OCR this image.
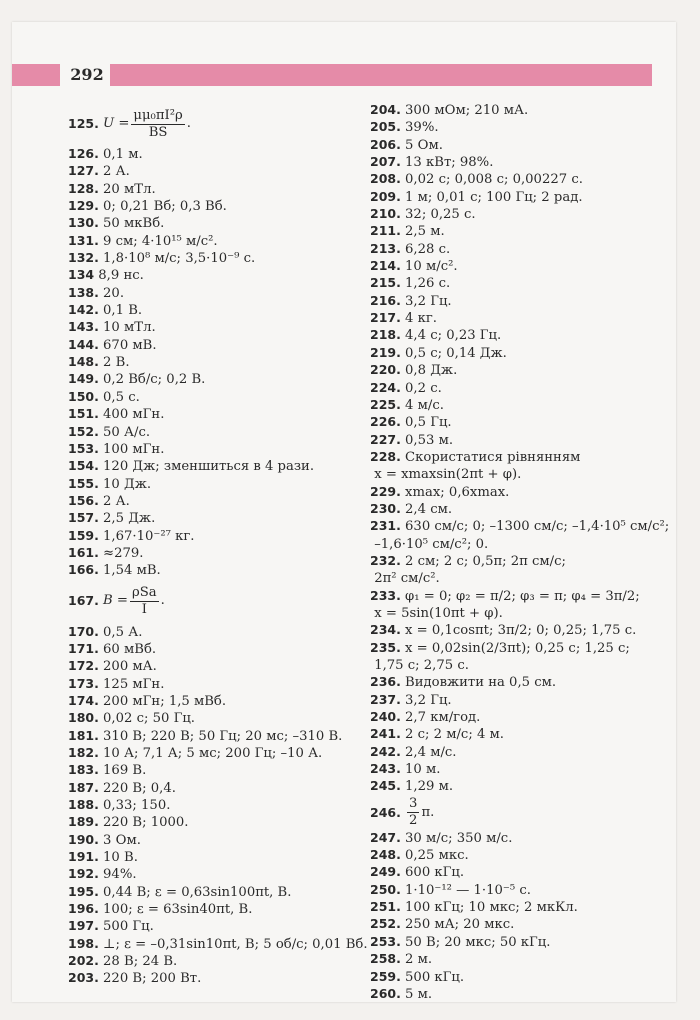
292
125.
$U = \frac{\text{μμ₀πI²ρ}}{BS}$ .
126. 0,1 м.
127. 2 А.
128. 20 мТл.
129. 0; 0,21 Вб; 0,3 Вб.
130. 50 мкВб.
131. 9 см; 4·10¹⁵ м/с².
132. 1,8·10⁸ м/с; 3,5·10⁻⁹ с.
134 8,9 нс.
138. 20.
142. 0,1 В.
143. 10 мТл.
144. 670 мВ.
148. 2 В.
149. 0,2 Вб/с; 0,2 В.
150. 0,5 с.
151. 400 мГн.
152. 50 А/с.
153. 100 мГн.
154. 120 Дж; зменшиться в 4 рази.
155. 10 Дж.
156. 2 А.
157. 2,5 Дж.
159. 1,67·10⁻²⁷ кг.
161. ≈279.
166. 1,54 мВ.
167.
$B = \frac{\text{ρSa}}{I}$ .
170. 0,5 А.
171. 60 мВб.
172. 200 мА.
173. 125 мГн.
174. 200 мГн; 1,5 мВб.
180. 0,02 с; 50 Гц.
181. 310 В; 220 В; 50 Гц; 20 мс; –310 В.
182. 10 А; 7,1 А; 5 мс; 200 Гц; –10 А.
183. 169 В.
187. 220 В; 0,4.
188. 0,33; 150.
189. 220 В; 1000.
190. 3 Ом.
191. 10 В.
192. 94%.
195. 0,44 В; ε = 0,63sin100πt, В.
196. 100; ε = 63sin40πt, В.
197. 500 Гц.
198. ⊥; ε = –0,31sin10πt, В; 5 об/с; 0,01 Вб.
202. 28 В; 24 В.
203. 220 В; 200 Вт.
204. 300 мОм; 210 мА.
205. 39%.
206. 5 Ом.
207. 13 кВт; 98%.
208. 0,02 с; 0,008 с; 0,00227 с.
209. 1 м; 0,01 с; 100 Гц; 2 рад.
210. 32; 0,25 с.
211. 2,5 м.
213. 6,28 с.
214. 10 м/с².
215. 1,26 с.
216. 3,2 Гц.
217. 4 кг.
218. 4,4 с; 0,23 Гц.
219. 0,5 с; 0,14 Дж.
220. 0,8 Дж.
224. 0,2 с.
225. 4 м/с.
226. 0,5 Гц.
227. 0,53 м.
228. Скористатися рівнянням
x = xmaxsin(2πt + φ).
229. xmax; 0,6xmax.
230. 2,4 см.
231. 630 см/с; 0; –1300 см/с; –1,4·10⁵ см/с²;
–1,6·10⁵ см/с²; 0.
232. 2 см; 2 с; 0,5π; 2π см/с;
2π² см/с².
233. φ₁ = 0; φ₂ = π/2; φ₃ = π; φ₄ = 3π/2;
x = 5sin(10πt + φ).
234. x = 0,1cosπt; 3π/2; 0; 0,25; 1,75 с.
235. x = 0,02sin(2/3πt); 0,25 с; 1,25 с;
1,75 с; 2,75 с.
236. Видовжити на 0,5 см.
237. 3,2 Гц.
240. 2,7 км/год.
241. 2 с; 2 м/с; 4 м.
242. 2,4 м/с.
243. 10 м.
245. 1,29 м.
246.
$\frac{3}{2} \pi$.
247. 30 м/с; 350 м/с.
248. 0,25 мкс.
249. 600 кГц.
250. 1·10⁻¹² — 1·10⁻⁵ с.
251. 100 кГц; 10 мкс; 2 мкКл.
252. 250 мА; 20 мкс.
253. 50 В; 20 мкс; 50 кГц.
258. 2 м.
259. 500 кГц.
260. 5 м.
